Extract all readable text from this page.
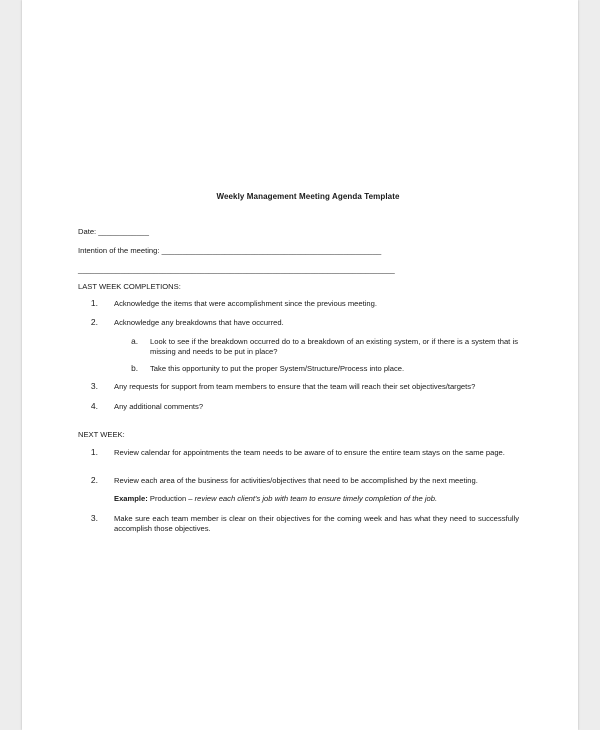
Weekly Management Meeting Agenda Template
Date: ____________
Intention of the meeting: ____________________________________________________
___________________________________________________________________________
LAST WEEK COMPLETIONS:
1. Acknowledge the items that were accomplishment since the previous meeting.
2. Acknowledge any breakdowns that have occurred.
a. Look to see if the breakdown occurred do to a breakdown of an existing system, or if there is a system that is missing and needs to be put in place?
b. Take this opportunity to put the proper System/Structure/Process into place.
3. Any requests for support from team members to ensure that the team will reach their set objectives/targets?
4. Any additional comments?
NEXT WEEK:
1. Review calendar for appointments the team needs to be aware of to ensure the entire team stays on the same page.
2. Review each area of the business for activities/objectives that need to be accomplished by the next meeting.
Example: Production – review each client's job with team to ensure timely completion of the job.
3. Make sure each team member is clear on their objectives for the coming week and has what they need to successfully accomplish those objectives.
